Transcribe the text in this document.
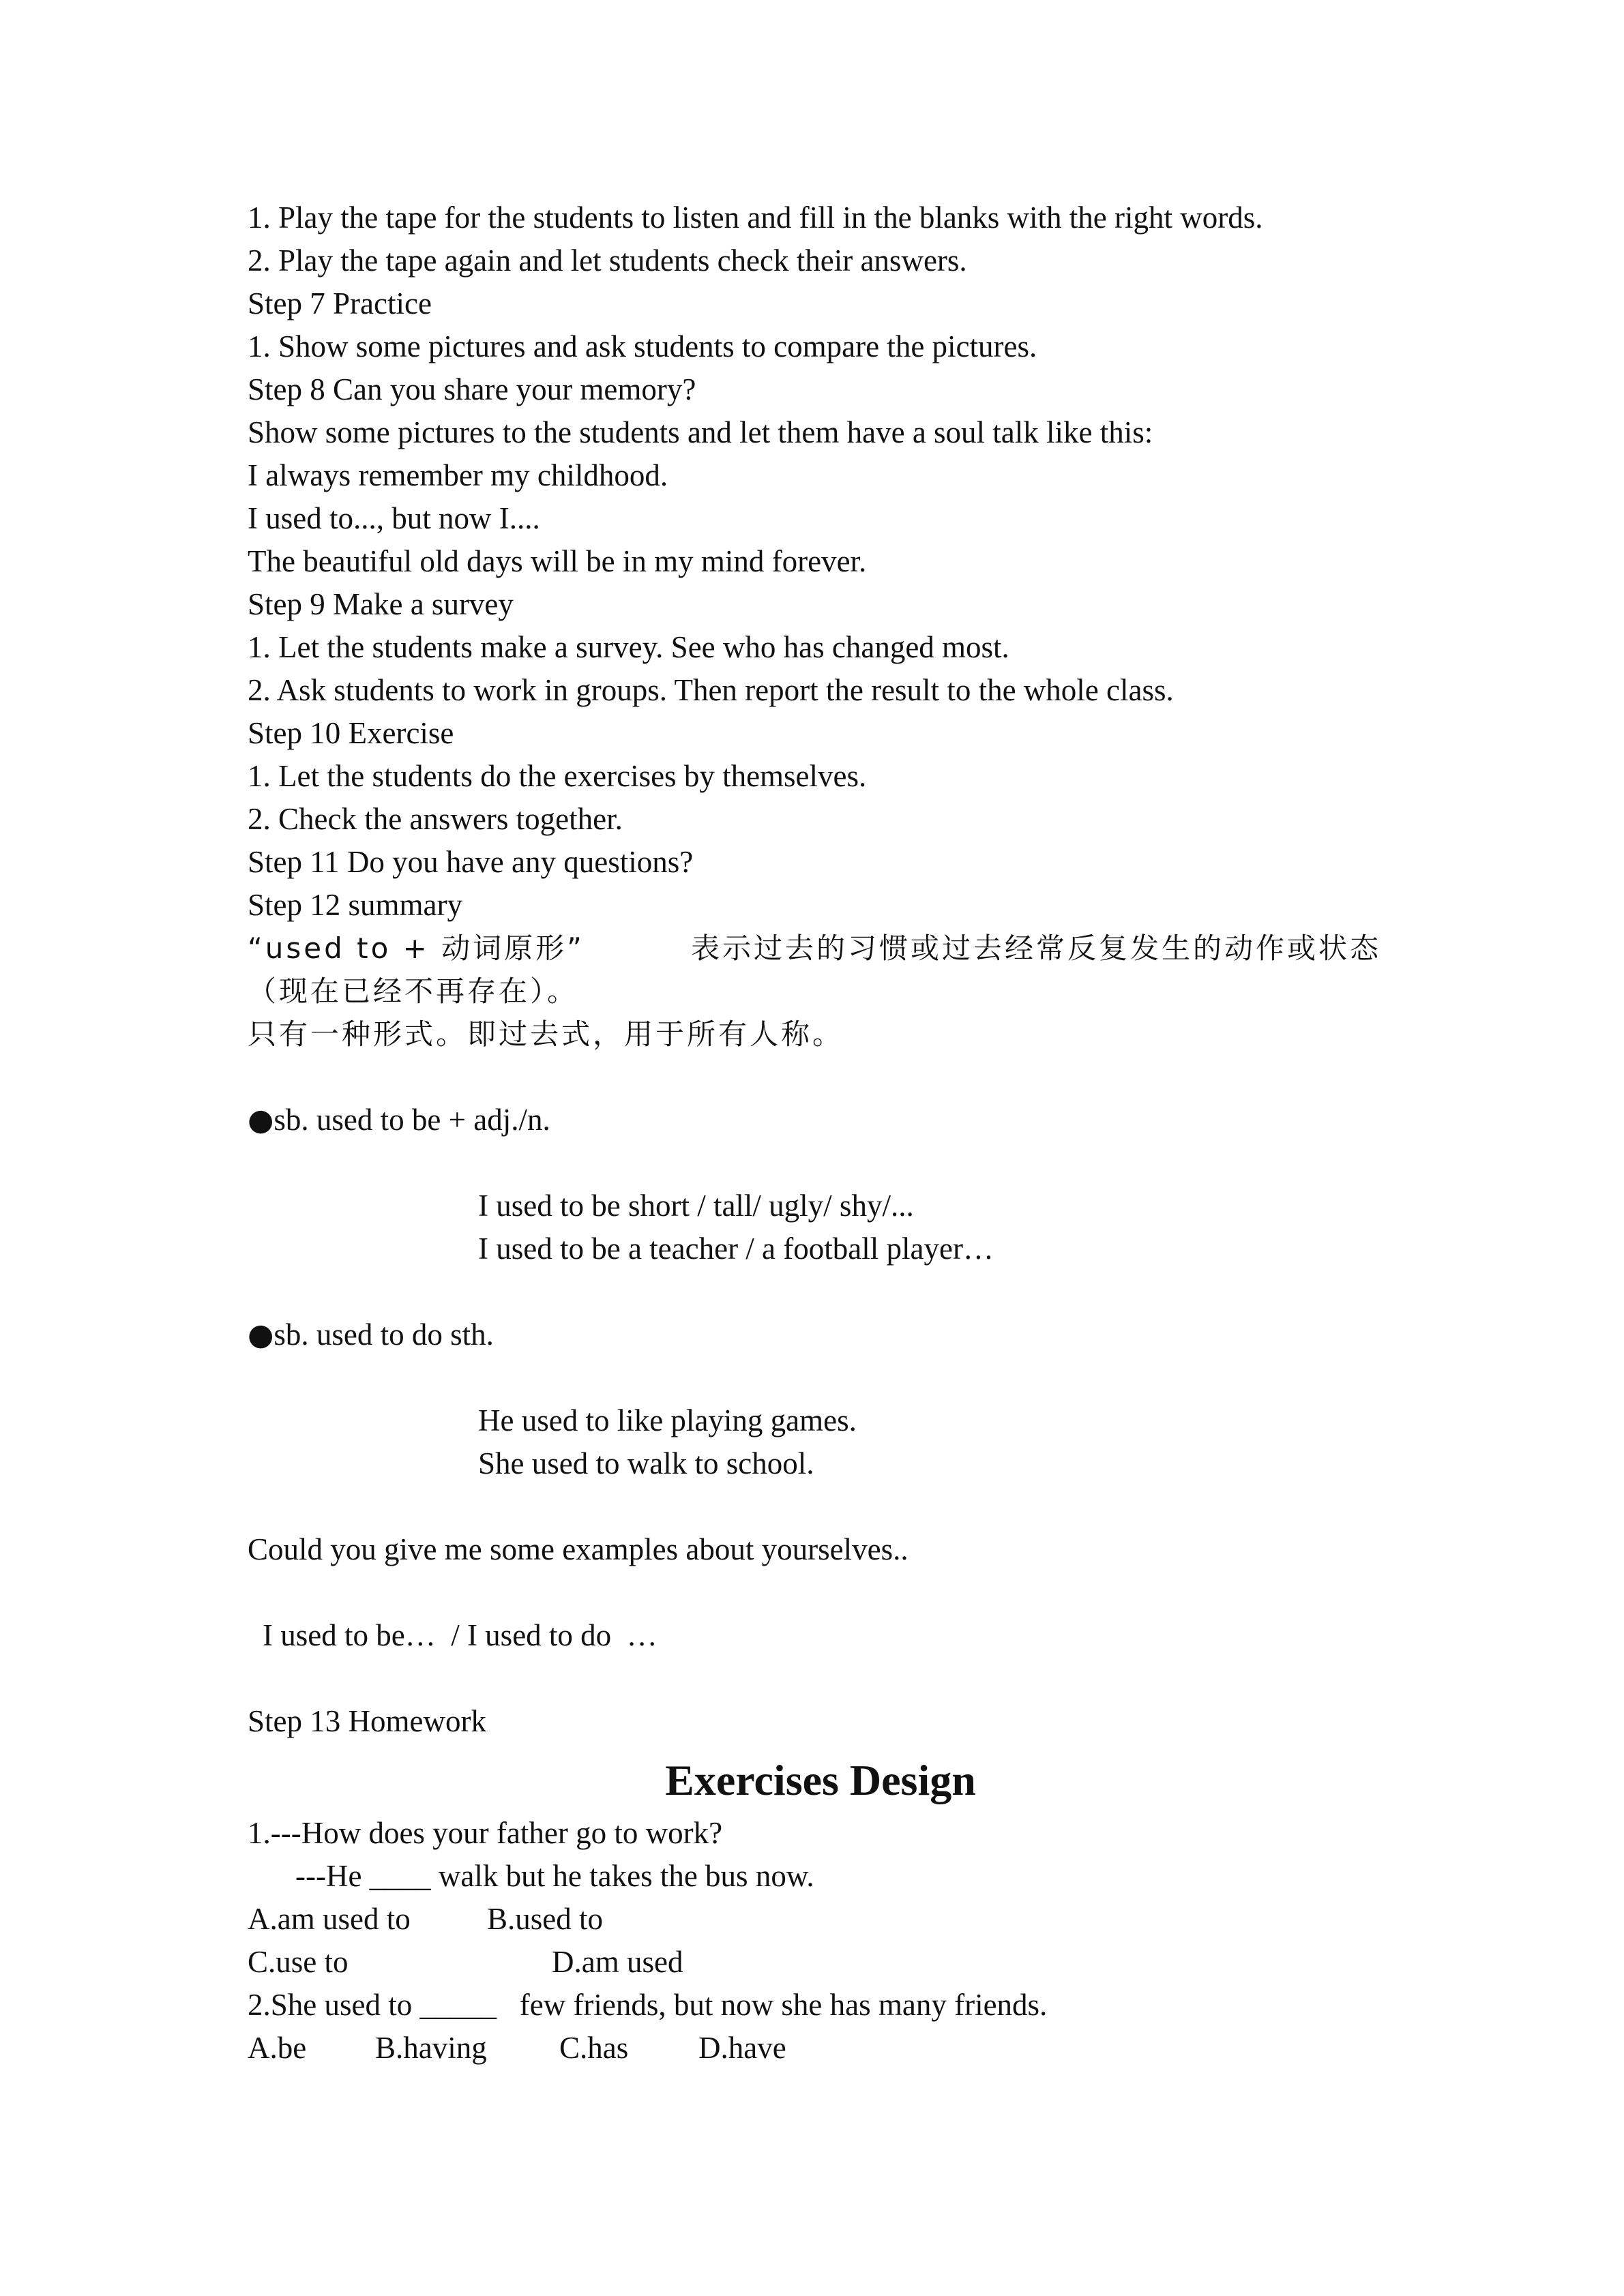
1. Play the tape for the students to listen and fill in the blanks with the right words.
2. Play the tape again and let students check their answers.
Step 7 Practice
1. Show some pictures and ask students to compare the pictures.
Step 8 Can you share your memory?
Show some pictures to the students and let them have a soul talk like this:
I always remember my childhood.
I used to..., but now I....
The beautiful old days will be in my mind forever.
Step 9 Make a survey
1. Let the students make a survey. See who has changed most.
2. Ask students to work in groups. Then report the result to the whole class.
Step 10 Exercise
1. Let the students do the exercises by themselves.
2. Check the answers together.
Step 11 Do you have any questions?
Step 12 summary
“used to + 动词原形”	表示过去的习惯或过去经常反复发生的动作或状态
（现在已经不再存在）。
只有一种形式。即过去式，用于所有人称。
●sb. used to be + adj./n.
I used to be short / tall/ ugly/ shy/...
I used to be a teacher / a football player…
●sb. used to do sth.
He used to like playing games.
She used to walk to school.
Could you give me some examples about yourselves..
I used to be…  / I used to do  …
Step 13 Homework
Exercises Design
1.---How does your father go to work?
---He ____ walk but he takes the bus now.
A.am used to	B.used to
C.use to	D.am used
2.She used to _____   few friends, but now she has many friends.
A.be	B.having	C.has	D.have
